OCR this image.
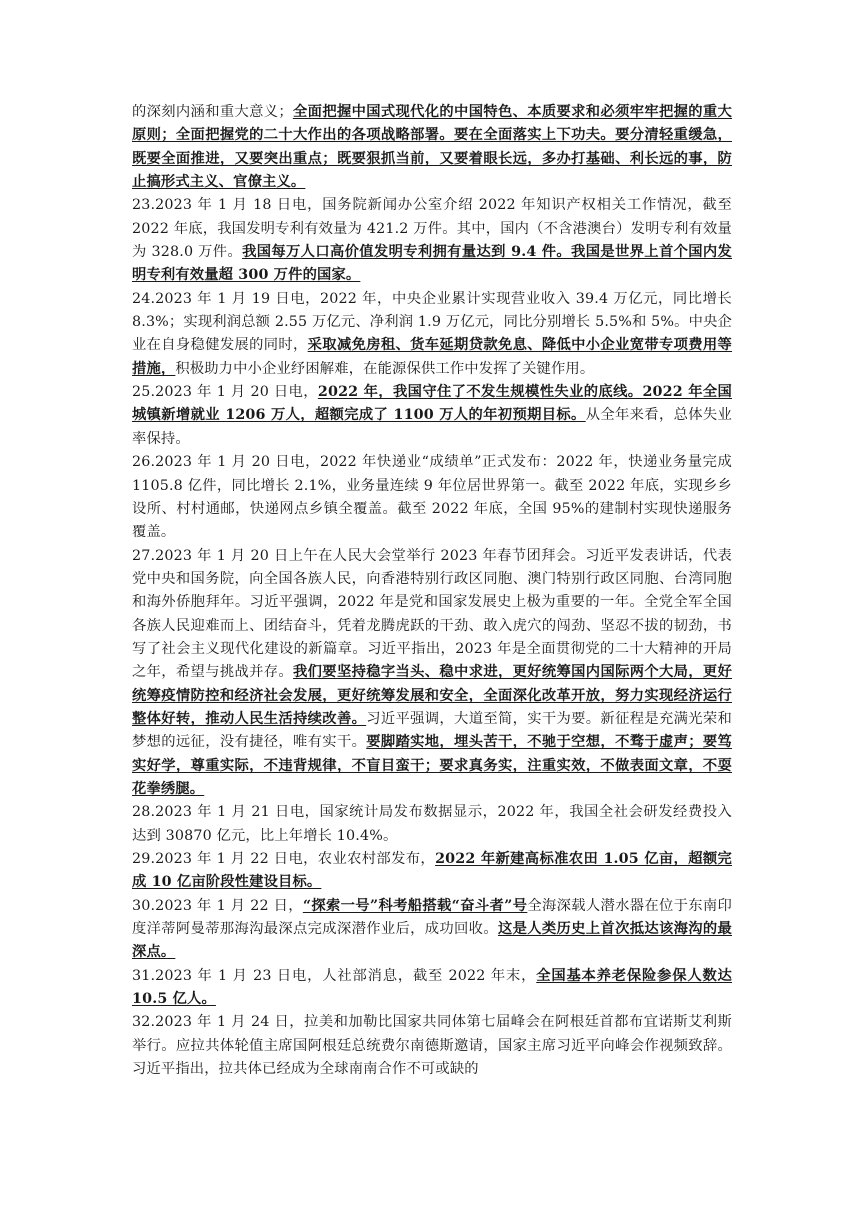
的深刻内涵和重大意义；全面把握中国式现代化的中国特色、本质要求和必须牢牢把握的重大原则；全面把握党的二十大作出的各项战略部署。要在全面落实上下功夫。要分清轻重缓急，既要全面推进，又要突出重点；既要狠抓当前，又要着眼长远，多办打基础、利长远的事，防止搞形式主义、官僚主义。

23.2023 年 1 月 18 日电，国务院新闻办公室介绍 2022 年知识产权相关工作情况，截至 2022 年底，我国发明专利有效量为 421.2 万件。其中，国内（不含港澳台）发明专利有效量为 328.0 万件。我国每万人口高价值发明专利拥有量达到 9.4 件。我国是世界上首个国内发明专利有效量超 300 万件的国家。

24.2023 年 1 月 19 日电，2022 年，中央企业累计实现营业收入 39.4 万亿元，同比增长 8.3%；实现利润总额 2.55 万亿元、净利润 1.9 万亿元，同比分别增长 5.5%和 5%。中央企业在自身稳健发展的同时，采取减免房租、货车延期贷款免息、降低中小企业宽带专项费用等措施，积极助力中小企业纾困解难，在能源保供工作中发挥了关键作用。

25.2023 年 1 月 20 日电，2022 年，我国守住了不发生规模性失业的底线。2022 年全国城镇新增就业 1206 万人，超额完成了 1100 万人的年初预期目标。从全年来看，总体失业率保持。

26.2023 年 1 月 20 日电，2022 年快递业“成绩单”正式发布：2022 年，快递业务量完成 1105.8 亿件，同比增长 2.1%，业务量连续 9 年位居世界第一。截至 2022 年底，实现乡乡设所、村村通邮，快递网点乡镇全覆盖。截至 2022 年底，全国 95%的建制村实现快递服务覆盖。

27.2023 年 1 月 20 日上午在人民大会堂举行 2023 年春节团拜会。习近平发表讲话，代表党中央和国务院，向全国各族人民，向香港特别行政区同胞、澳门特别行政区同胞、台湾同胞和海外侨胞拜年。习近平强调，2022 年是党和国家发展史上极为重要的一年。全党全军全国各族人民迎难而上、团结奋斗，凭着龙腾虎跃的干劲、敢入虎穴的闯劲、坚忍不拔的韧劲，书写了社会主义现代化建设的新篇章。习近平指出，2023 年是全面贯彻党的二十大精神的开局之年，希望与挑战并存。我们要坚持稳字当头、稳中求进，更好统筹国内国际两个大局，更好统筹疫情防控和经济社会发展，更好统筹发展和安全，全面深化改革开放，努力实现经济运行整体好转，推动人民生活持续改善。习近平强调，大道至简，实干为要。新征程是充满光荣和梦想的远征，没有捷径，唯有实干。要脚踏实地，埋头苦干，不驰于空想，不骛于虚声；要笃实好学，尊重实际，不违背规律，不盲目蛮干；要求真务实，注重实效，不做表面文章，不耍花拳绣腿。

28.2023 年 1 月 21 日电，国家统计局发布数据显示，2022 年，我国全社会研发经费投入达到 30870 亿元，比上年增长 10.4%。

29.2023 年 1 月 22 日电，农业农村部发布，2022 年新建高标准农田 1.05 亿亩，超额完成 10 亿亩阶段性建设目标。

30.2023 年 1 月 22 日，“探索一号”科考船搭载“奋斗者”号全海深载人潜水器在位于东南印度洋蒂阿曼蒂那海沟最深点完成深潜作业后，成功回收。这是人类历史上首次抵达该海沟的最深点。

31.2023 年 1 月 23 日电，人社部消息，截至 2022 年末，全国基本养老保险参保人数达 10.5 亿人。

32.2023 年 1 月 24 日，拉美和加勒比国家共同体第七届峰会在阿根廷首都布宜诺斯艾利斯举行。应拉共体轮值主席国阿根廷总统费尔南德斯邀请，国家主席习近平向峰会作视频致辞。习近平指出，拉共体已经成为全球南南合作不可或缺的
